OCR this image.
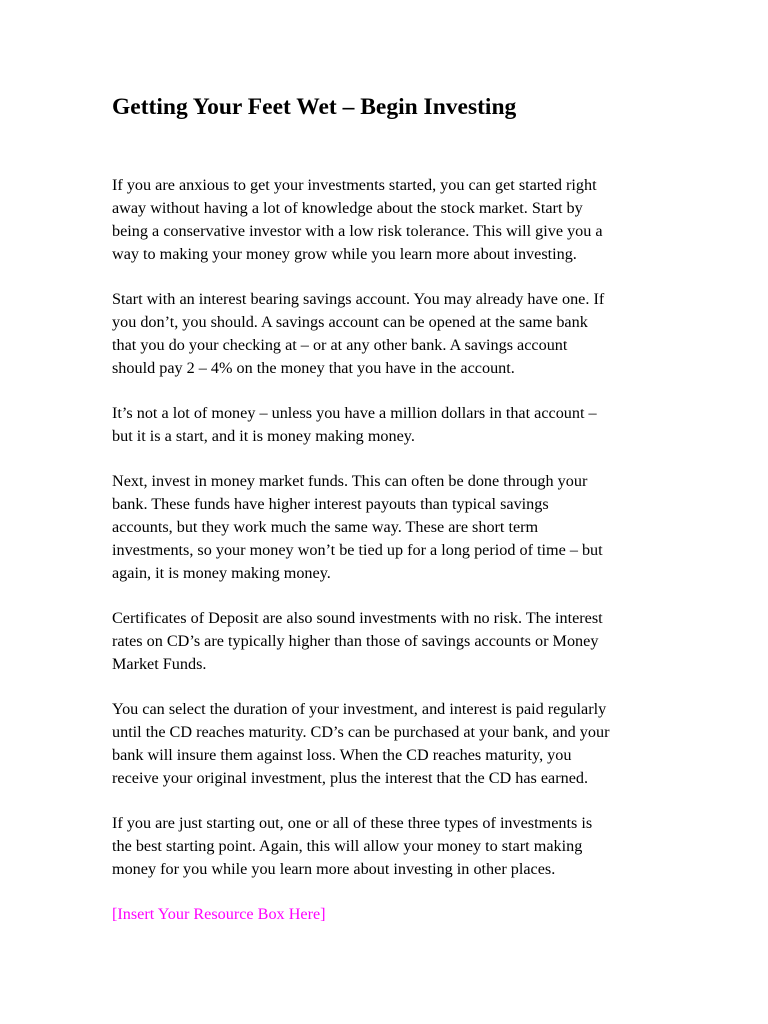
Getting Your Feet Wet – Begin Investing
If you are anxious to get your investments started, you can get started right
away without having a lot of knowledge about the stock market. Start by
being a conservative investor with a low risk tolerance. This will give you a
way to making your money grow while you learn more about investing.
Start with an interest bearing savings account. You may already have one. If
you don’t, you should. A savings account can be opened at the same bank
that you do your checking at – or at any other bank. A savings account
should pay 2 – 4% on the money that you have in the account.
It’s not a lot of money – unless you have a million dollars in that account –
but it is a start, and it is money making money.
Next, invest in money market funds. This can often be done through your
bank. These funds have higher interest payouts than typical savings
accounts, but they work much the same way. These are short term
investments, so your money won’t be tied up for a long period of time – but
again, it is money making money.
Certificates of Deposit are also sound investments with no risk. The interest
rates on CD’s are typically higher than those of savings accounts or Money
Market Funds.
You can select the duration of your investment, and interest is paid regularly
until the CD reaches maturity. CD’s can be purchased at your bank, and your
bank will insure them against loss. When the CD reaches maturity, you
receive your original investment, plus the interest that the CD has earned.
If you are just starting out, one or all of these three types of investments is
the best starting point. Again, this will allow your money to start making
money for you while you learn more about investing in other places.
[Insert Your Resource Box Here]
